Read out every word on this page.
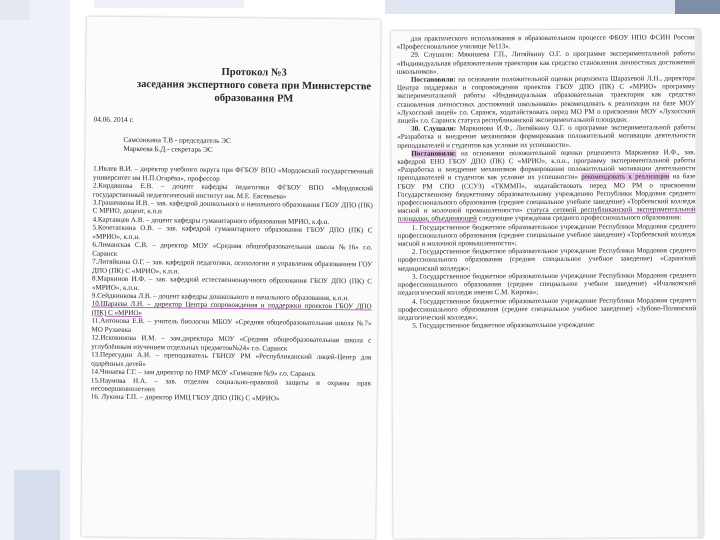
Протокол №3
заседания экспертного совета при Министерстве
образования РМ
04.06. 2014 г.
Самсонкина Т.В - председатель ЭС
Маркеева Б.Д.- секретарь ЭС

1.Ивлев В.И. – директор учебного округа при ФГБОУ ВПО «Мордовский государственный университет им Н.П.Огарёва», профессор

2.Кирдяшова Е.В. – доцент кафедры педагогики ФГБОУ ВПО «Мордовский государственный педагогический институт им. М.Е. Евсевьева»

3.Грашенкова И.В. – зав. кафедрой дошкольного и начального образования ГБОУ ДПО (ПК) С МРИО, доцент, к.п.н

4.Картавцев А.В. – доцент кафедры гуманитарного образования МРИО, к.ф.н.

5.Кочетаткина О.В. – зав. кафедрой гуманитарного образования ГБОУ ДПО (ПК) С «МРИО», к.п.н.

6.Лиманская С.В. – директор МОУ «Средняя общеобразовательная школа №16» г.о. Саранск

7.Литяйкина О.Г. – зав. кафедрой педагогики, психологии и управления образованием ГОУ ДПО (ПК) С «МРИО», к.п.н.

8.Маркинов И.Ф. – зав. кафедрой естественнонаучного образования ГБОУ ДПО (ПК) С «МРИО», к.п.н.

9.Сейдкинкова Л.В. – доцент кафедры дошкольного и начального образования, к.п.н.

10.Шараєва Л.Н. – директор Центра сопровождения и поддержки проектов ГБОУ ДПО (ПК) С «МРИО»

11.Антонова Е.В. – учитель биологии МБОУ «Средняя общеобразовательная школа №7» МО Рузаевка

12.Исковинова И.М. – зам.директора МОУ «Средняя общеобразовательная школа с углублённым изучением отдельных предметов№24» г.о. Саранск

13.Перегудин А.И. – преподаватель ГБНОУ РМ «Республиканский лицей-Центр для одарённых детей»

14.Чинаева Г.Г. – зам директор по НМР МОУ «Гимназия №9» г.о. Саранск

15.Наумова Н.А. – зав. отделом социально-правовой защиты и охраны прав несовершеннолетних

16. Лукина Т.П. – директор ИМЦ ГБОУ ДПО (ПК) С «МРИО»

для практического использования в образовательном процессе ФБОУ НПО ФСИН России «Профессиональное училище №113».

29. Слушали: Мякишева Г.П., Литяйкину О.Г. о программе экспериментальной работы «Индивидуальная образовательная траектория как средство становления личностных достижений школьников».

Постановили: на основании положительной оценки рецензента Шарахевой Л.Н., директора Центра поддержки и сопровождения проектов ГБОУ ДПО (ПК) С «МРИО» программу экспериментальной работы «Индивидуальная образовательная траектория как средство становления личностных достижений школьников» рекомендовать к реализации на базе МОУ «Лухосский лицей» г.о. Саранск, ходатайствовать перед МО РМ о присвоении МОУ «Лухосский лицей» г.о. Саранск статуса республиканской экспериментальной площадки.

30. Слушали: Маркинова И.Ф., Литяйкину О.Г. о программе экспериментальной работы «Разработка и внедрение механизмов формирования положительной мотивации деятельности преподавателей и студентов как условие их успешности».

Постановили: на основании положительной оценки рецензента Маркинова И.Ф., зав. кафедрой ЕНО ГБОУ ДПО (ПК) С «МРИО», к.п.н., программу экспериментальной работы «Разработка и внедрение механизмов формирования положительной мотивации деятельности преподавателей и студентов как условие их успешности» рекомендовать к реализации на базе ГБОУ РМ СПО (ССУЗ) «ТКММП», ходатайствовать перед МО РМ о присвоении Государственному бюджетному образовательному учреждению Республики Мордовия среднего профессионального образования (среднее специальное учебное заведение) «Торбеевский колледж мясной и молочной промышленности» статуса сетевой республиканской экспериментальной площадки, объединяющей следующие учреждения среднего профессионального образования:

1. Государственное бюджетное образовательное учреждение Республики Мордовия среднего профессионального образования (среднее специальное учебное заведение) «Торбеевский колледж мясной и молочной промышленности»;

2. Государственное бюджетное образовательное учреждение Республики Мордовия среднего профессионального образования (среднее специальное учебное заведение) «Саранский медицинский колледж»;

3. Государственное бюджетное образовательное учреждение Республики Мордовия среднего профессионального образования (среднее специальное учебное заведение) «Ичалковский педагогический колледж имени С.М. Кирова»;

4. Государственное бюджетное образовательное учреждение Республики Мордовия среднего профессионального образования (среднее специальное учебное заведение) «Зубово-Полянский педагогический колледж»;

5. Государственное бюджетное образовательное учреждение
